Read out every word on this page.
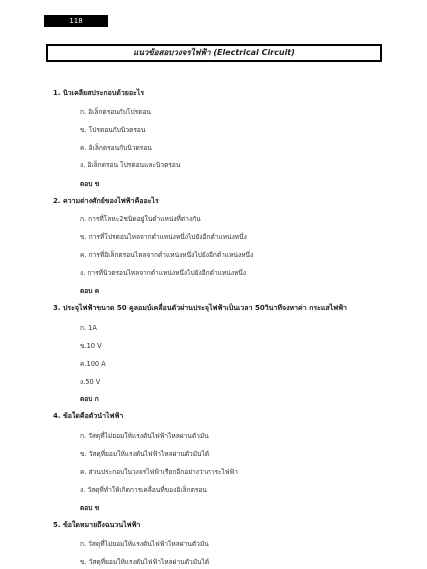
118
แนวข้อสอบวงจรไฟฟ้า (Electrical Circuit)
1. นิวเคลียสประกอบด้วยอะไร
ก. อิเล็กตรอนกับโปรตอน
ข. โปรตอนกับนิวตรอน
ค. อิเล็กตรอนกับนิวตรอน
ง. อิเล็กตรอน โปรตอนและนิวตรอน
ตอบ ข
2. ความต่างศักย์ของไฟฟ้าคืออะไร
ก. การที่โลหะ2ชนิดอยู่ในตำแหน่งที่ต่างกัน
ข. การที่โปรตอนไหลจากตำแหน่งหนึ่งไปยังอีกตำแหน่งหนึ่ง
ค. การที่อิเล็กตรอนไหลจากตำแหน่งหนึ่งไปยังอีกตำแหน่งหนึ่ง
ง. การที่นิวตรอนไหลจากตำแหน่งหนึ่งไปยังอีกตำแหน่งหนึ่ง
ตอบ ค
3. ประจุไฟฟ้าขนาด 50 คูลอมบ์เคลื่อนตัวผ่านประจุไฟฟ้าเป็นเวลา 50วินาทีจงหาค่า กระแสไฟฟ้า
ก. 1A
ข.10 V
ค.100 A
ง.50 V
ตอบ ก
4. ข้อใดคือตัวนำไฟฟ้า
ก. วัสดุที่ไม่ยอมให้แรงดันไฟฟ้าไหลผ่านตัวมัน
ข. วัสดุที่ยอมให้แรงดันไฟฟ้าไหลผ่านตัวมันได้
ค. ส่วนประกอบในวงจรไฟฟ้าเรียกอีกอย่างว่าภาระไฟฟ้า
ง. วัสดุที่ทำให้เกิดการเคลื่อนที่ของอิเล็กตรอน
ตอบ ข
5. ข้อใดหมายถึงฉนวนไฟฟ้า
ก. วัสดุที่ไม่ยอมให้แรงดันไฟฟ้าไหลผ่านตัวมัน
ข. วัสดุที่ยอมให้แรงดันไฟฟ้าไหลผ่านตัวมันได้
